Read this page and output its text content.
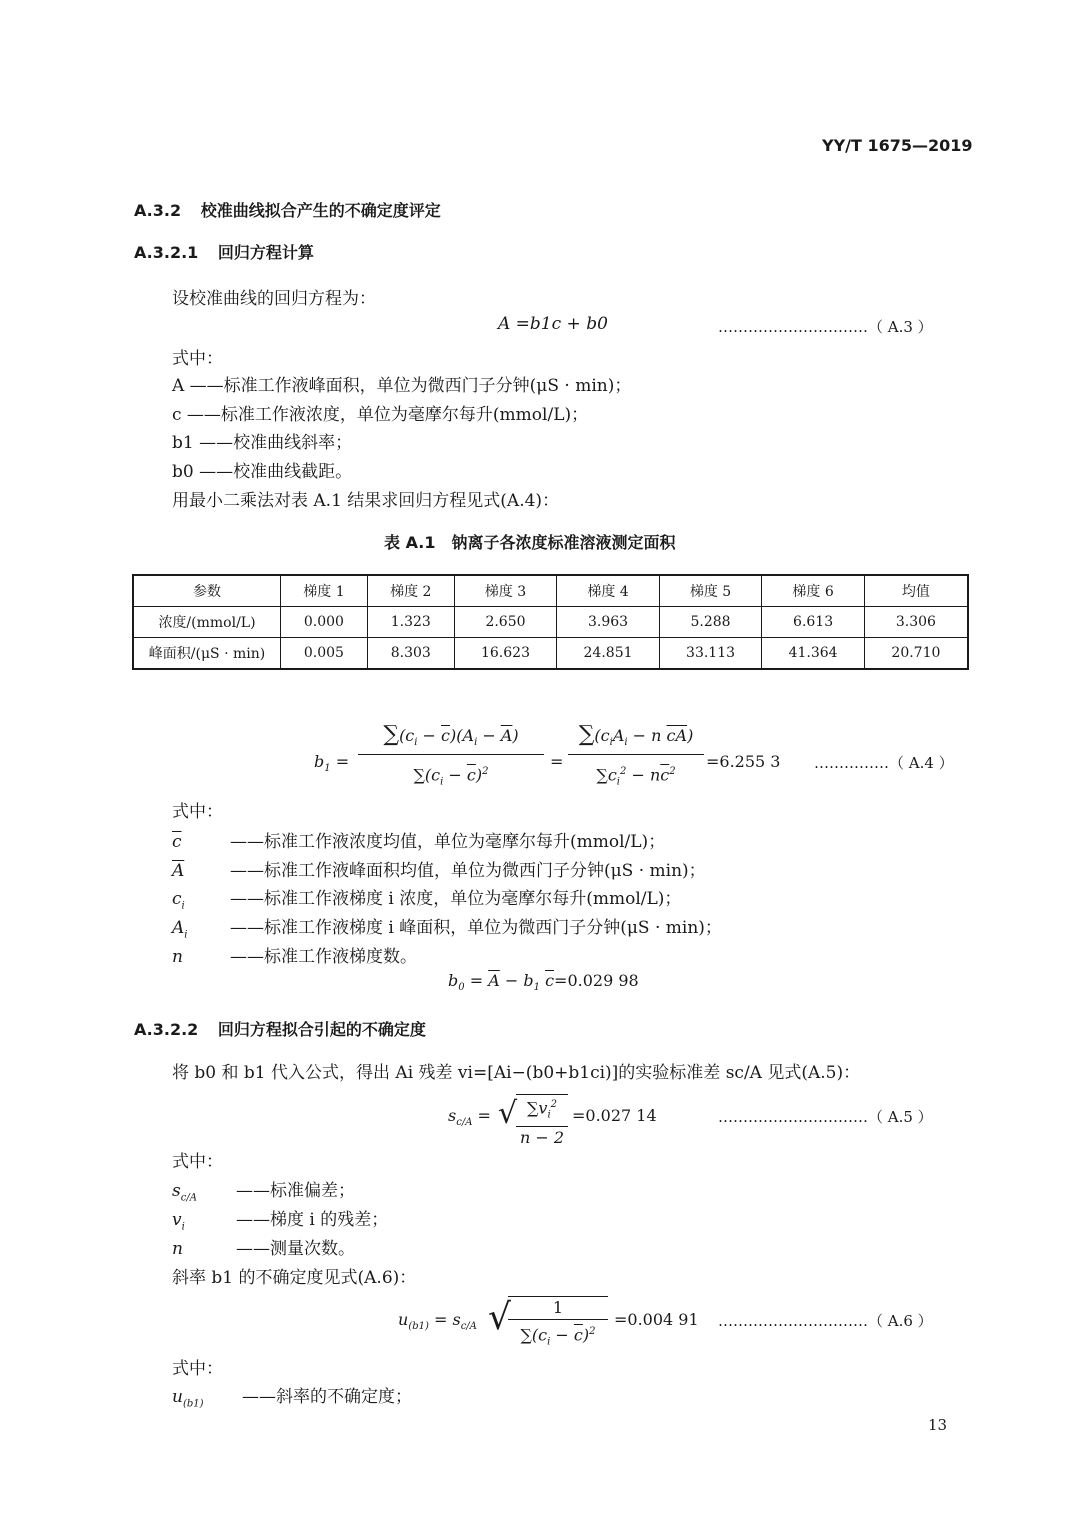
YY/T 1675—2019
A.3.2 校准曲线拟合产生的不确定度评定
A.3.2.1 回归方程计算
设校准曲线的回归方程为：
A =b1c + b0	…………………………（ A.3 ）
式中：
A ——标准工作液峰面积，单位为微西门子分钟(μS · min)；
c ——标准工作液浓度，单位为毫摩尔每升(mmol/L)；
b1 ——校准曲线斜率；
b0 ——校准曲线截距。
用最小二乘法对表 A.1 结果求回归方程见式(A.4)：
表 A.1　钠离子各浓度标准溶液测定面积
参数	梯度 1	梯度 2	梯度 3	梯度 4	梯度 5	梯度 6	均值
浓度/(mmol/L)	0.000	1.323	2.650	3.963	5.288	6.613	3.306
峰面积/(μS · min)	0.005	8.303	16.623	24.851	33.113	41.364	20.710
$b_1$ =
$\sum(c_i - \overline{c})(A_i - \overline{A})$
$\sum(c_i - \overline{c})^2$
=
$\sum(c_iA_i - n$ $\overline{cA}$)
$\sum c_i^2 - n\overline{c}^2$
=6.255 3 ……………（ A.4 ）
式中：
$\overline{c}$	——标准工作液浓度均值，单位为毫摩尔每升(mmol/L)；
$\overline{A}$	——标准工作液峰面积均值，单位为微西门子分钟(μS · min)；
$c_i$	——标准工作液梯度 i 浓度，单位为毫摩尔每升(mmol/L)；
$A_i$	——标准工作液梯度 i 峰面积，单位为微西门子分钟(μS · min)；
n	——标准工作液梯度数。
$b_0 = \overline{A} - b_1$ $\overline{c}=0.029$ 98
A.3.2.2 回归方程拟合引起的不确定度
将 b0 和 b1 代入公式，得出 Ai 残差 vi=[Ai−(b0+b1ci)]的实验标准差 sc/A 见式(A.5)：
$s_{c/A}$ = √ $\sum v_i^2$
n − 2
=0.027 14	…………………………（ A.5 ）
式中：
$s_{c/A}$ ——标准偏差；
$v_i$	——梯度 i 的残差；
n	——测量次数。
斜率 b1 的不确定度见式(A.6)：
$u_{(b1)} = s_{c/A}$ √	1
$\sum(c_i - \overline{c})^2$
=0.004 91 …………………………（ A.6 ）
式中：
$u_{(b1)}$ ——斜率的不确定度；
13
